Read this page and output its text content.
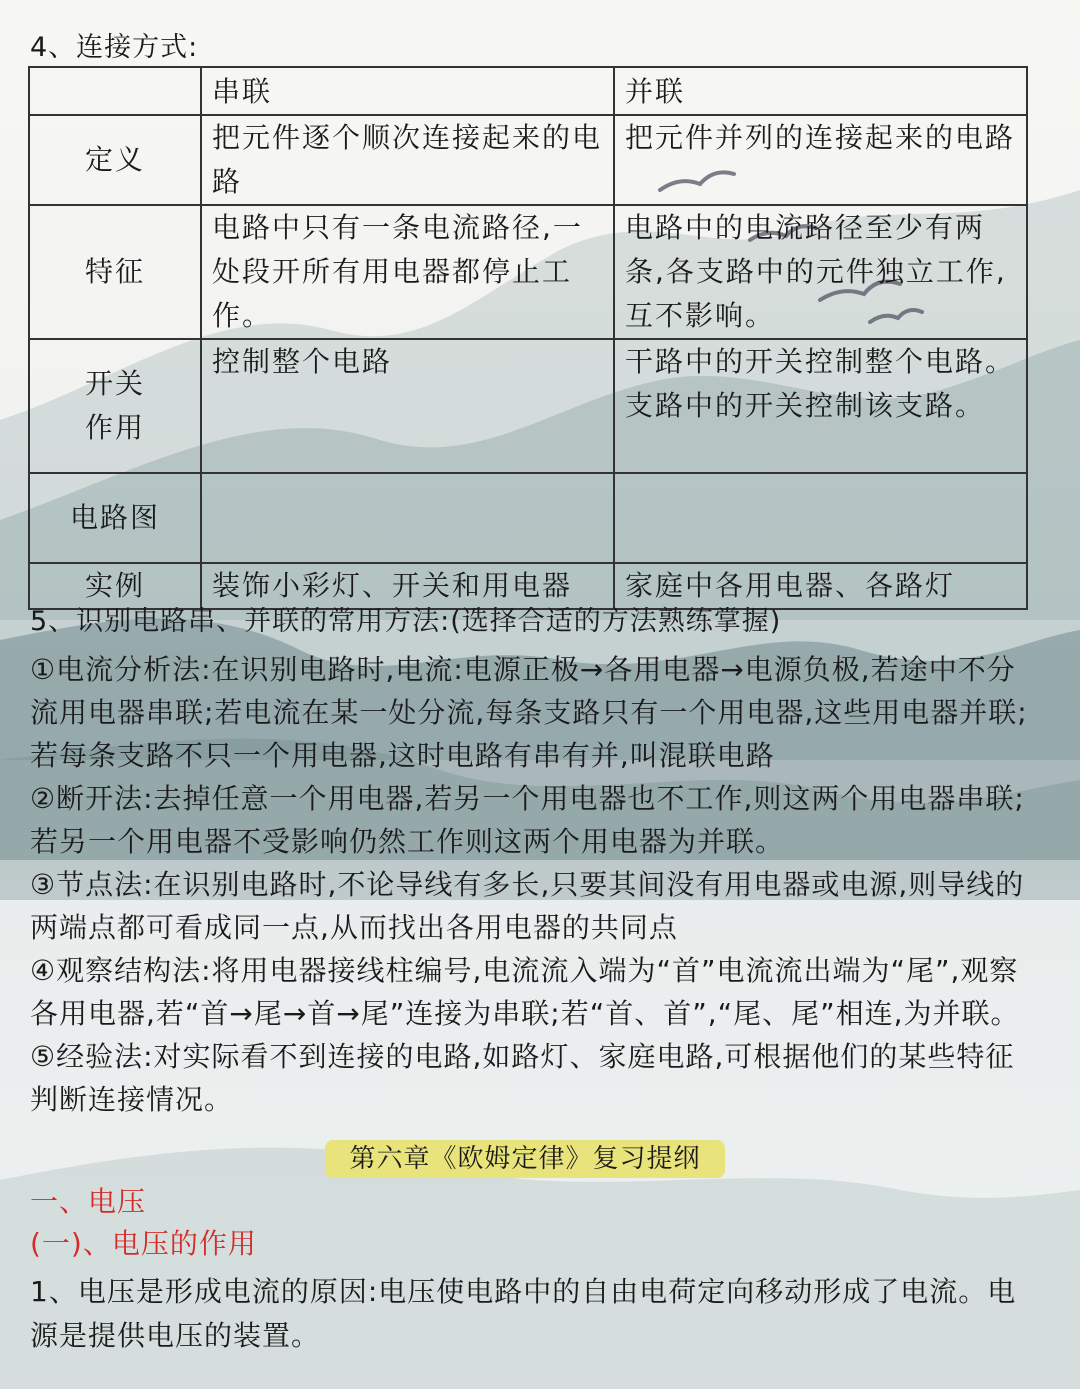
4、连接方式:
	串联	并联
定义	把元件逐个顺次连接起来的电路	把元件并列的连接起来的电路
特征	电路中只有一条电流路径,一处段开所有用电器都停止工作。	电路中的电流路径至少有两条,各支路中的元件独立工作,互不影响。
开关作用	控制整个电路	干路中的开关控制整个电路。支路中的开关控制该支路。
电路图		
实例	装饰小彩灯、开关和用电器	家庭中各用电器、各路灯
5、识别电路串、并联的常用方法:(选择合适的方法熟练掌握)

①电流分析法:在识别电路时,电流:电源正极→各用电器→电源负极,若途中不分流用电器串联;若电流在某一处分流,每条支路只有一个用电器,这些用电器并联;若每条支路不只一个用电器,这时电路有串有并,叫混联电路

②断开法:去掉任意一个用电器,若另一个用电器也不工作,则这两个用电器串联;若另一个用电器不受影响仍然工作则这两个用电器为并联。

③节点法:在识别电路时,不论导线有多长,只要其间没有用电器或电源,则导线的两端点都可看成同一点,从而找出各用电器的共同点

④观察结构法:将用电器接线柱编号,电流流入端为“首”电流流出端为“尾”,观察各用电器,若“首→尾→首→尾”连接为串联;若“首、首”,“尾、尾”相连,为并联。

⑤经验法:对实际看不到连接的电路,如路灯、家庭电路,可根据他们的某些特征判断连接情况。

第六章《欧姆定律》复习提纲
一、电压
(一)、电压的作用

1、电压是形成电流的原因:电压使电路中的自由电荷定向移动形成了电流。电源是提供电压的装置。
